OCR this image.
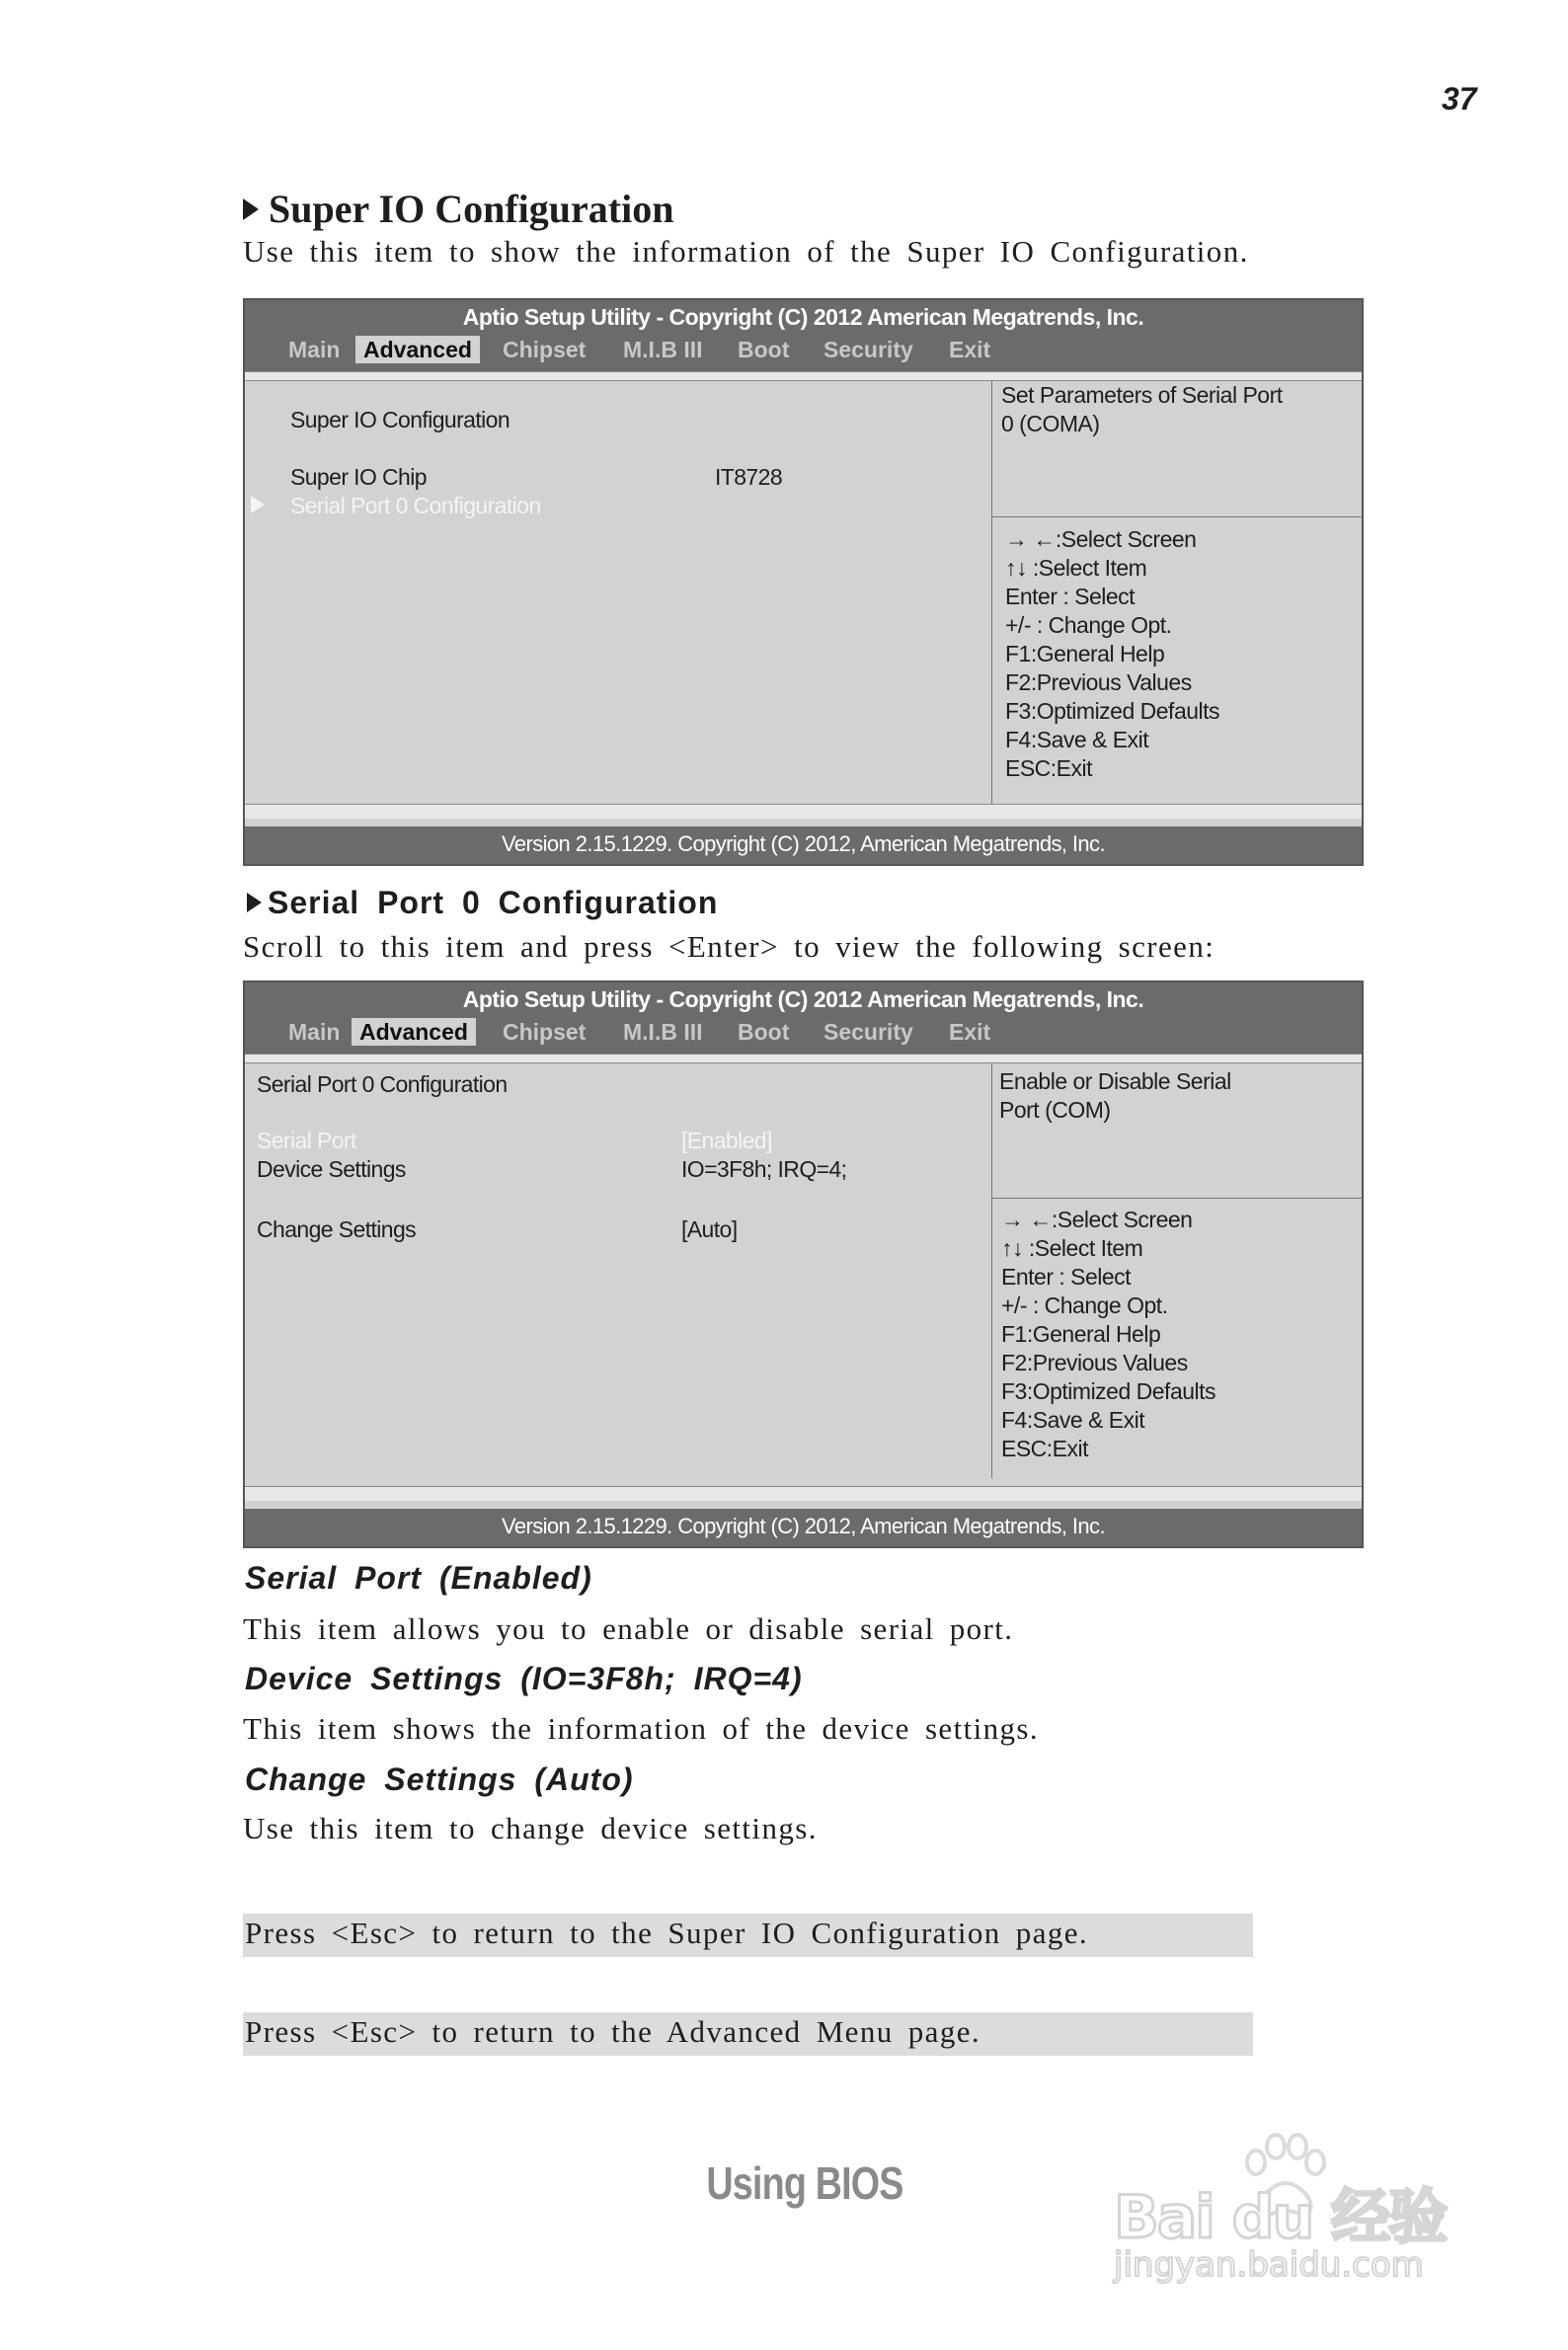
37
Super IO Configuration
Use this item to show the information of the Super IO Configuration.
Aptio Setup Utility - Copyright (C) 2012 American Megatrends, Inc.
Main	Advanced	Chipset M.I.B III Boot Security Exit
Super IO Configuration
Super IO Chip	IT8728
Serial Port 0 Configuration
Set Parameters of Serial Port
0 (COMA)
→ ←:Select Screen
↑↓ :Select Item
Enter : Select
+/- : Change Opt.
F1:General Help
F2:Previous Values
F3:Optimized Defaults
F4:Save & Exit
ESC:Exit
Version 2.15.1229. Copyright (C) 2012, American Megatrends, Inc.
Serial Port 0 Configuration
Scroll to this item and press <Enter> to view the following screen:
Aptio Setup Utility - Copyright (C) 2012 American Megatrends, Inc.
Main Advanced	Chipset M.I.B III Boot Security Exit
Serial Port 0 Configuration
Serial Port	[Enabled]
Device Settings	IO=3F8h; IRQ=4;
Change Settings	[Auto]
Enable or Disable Serial
Port (COM)
→ ←:Select Screen
↑↓ :Select Item
Enter : Select
+/- : Change Opt.
F1:General Help
F2:Previous Values
F3:Optimized Defaults
F4:Save & Exit
ESC:Exit
Version 2.15.1229. Copyright (C) 2012, American Megatrends, Inc.
Serial Port (Enabled)
This item allows you to enable or disable serial port.
Device Settings (IO=3F8h; IRQ=4)
This item shows the information of the device settings.
Change Settings (Auto)
Use this item to change device settings.
Press <Esc> to return to the Super IO Configuration page.
Press <Esc> to return to the Advanced Menu page.
Using BIOS	Bai du 经验
jingyan.baidu.com
